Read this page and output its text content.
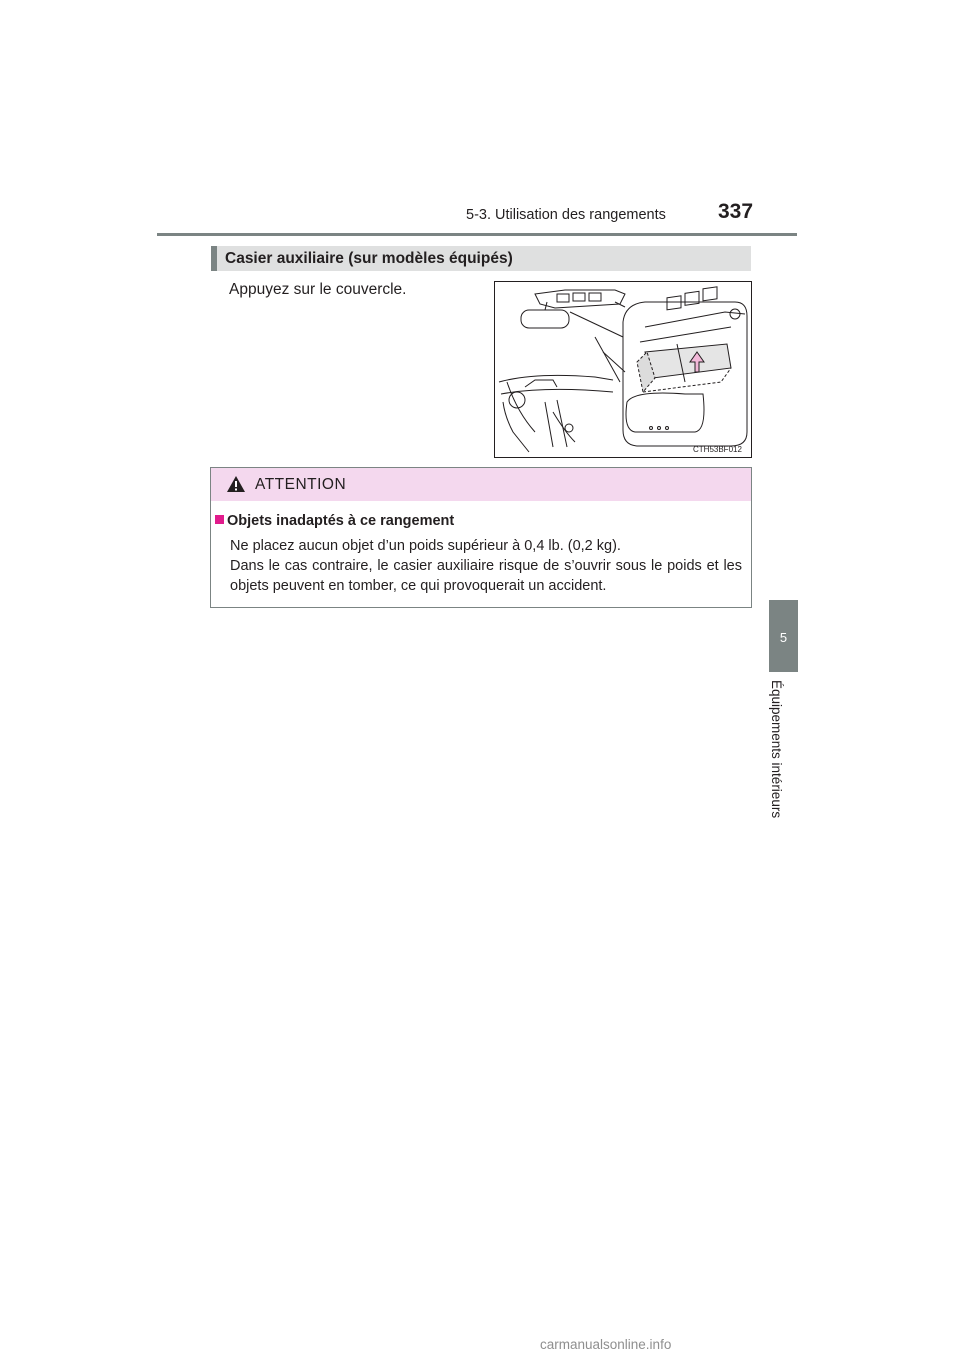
5-3. Utilisation des rangements 337
5
Équipements intérieurs
Casier auxiliaire (sur modèles équipés)
Appuyez sur le couvercle.
CTH53BF012
ATTENTION
Objets inadaptés à ce rangement

Ne placez aucun objet d’un poids supérieur à 0,4 lb. (0,2 kg).

Dans le cas contraire, le casier auxiliaire risque de s’ouvrir sous le poids et les objets peuvent en tomber, ce qui provoquerait un accident.

carmanualsonline.info
